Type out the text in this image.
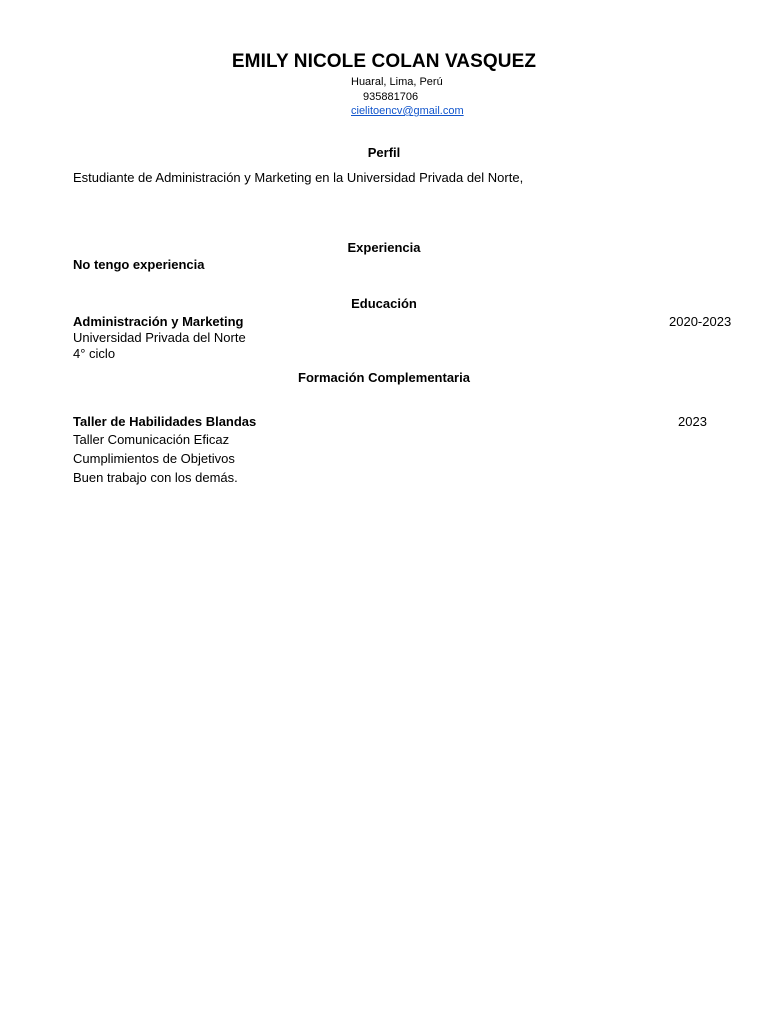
EMILY NICOLE COLAN VASQUEZ
Huaral, Lima, Perú
935881706
cielitoencv@gmail.com
Perfil
Estudiante de Administración y Marketing en la Universidad Privada del Norte,
Experiencia
No tengo experiencia
Educación
Administración y Marketing	2020-2023
Universidad Privada del Norte
4° ciclo
Formación Complementaria
Taller de Habilidades Blandas	2023
Taller Comunicación Eficaz
Cumplimientos de Objetivos
Buen trabajo con los demás.
